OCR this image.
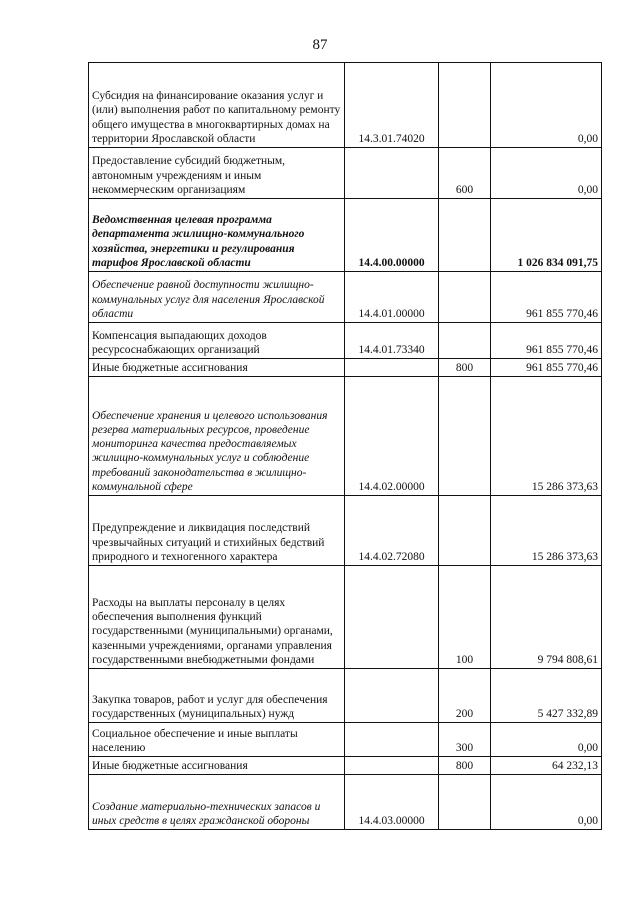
87
Субсидия на финансирование оказания услуг и (или) выполнения работ по капитальному ремонту общего имущества в многоквартирных домах на территории Ярославской области	14.3.01.74020		0,00
Предоставление субсидий бюджетным, автономным учреждениям и иным некоммерческим организациям		600	0,00
Ведомственная целевая программа департамента жилищно-коммунального хозяйства, энергетики и регулирования тарифов Ярославской области	14.4.00.00000		1 026 834 091,75
Обеспечение равной доступности жилищно-коммунальных услуг для населения Ярославской области	14.4.01.00000		961 855 770,46
Компенсация выпадающих доходов ресурсоснабжающих организаций	14.4.01.73340		961 855 770,46
Иные бюджетные ассигнования		800	961 855 770,46
Обеспечение хранения и целевого использования резерва материальных ресурсов, проведение мониторинга качества предоставляемых жилищно-коммунальных услуг и соблюдение требований законодательства в жилищно-коммунальной сфере	14.4.02.00000		15 286 373,63
Предупреждение и ликвидация последствий чрезвычайных ситуаций и стихийных бедствий природного и техногенного характера	14.4.02.72080		15 286 373,63
Расходы на выплаты персоналу в целях обеспечения выполнения функций государственными (муниципальными) органами, казенными учреждениями, органами управления государственными внебюджетными фондами		100	9 794 808,61
Закупка товаров, работ и услуг для обеспечения государственных (муниципальных) нужд		200	5 427 332,89
Социальное обеспечение и иные выплаты населению		300	0,00
Иные бюджетные ассигнования		800	64 232,13
Создание материально-технических запасов и иных средств в целях гражданской обороны	14.4.03.00000		0,00
